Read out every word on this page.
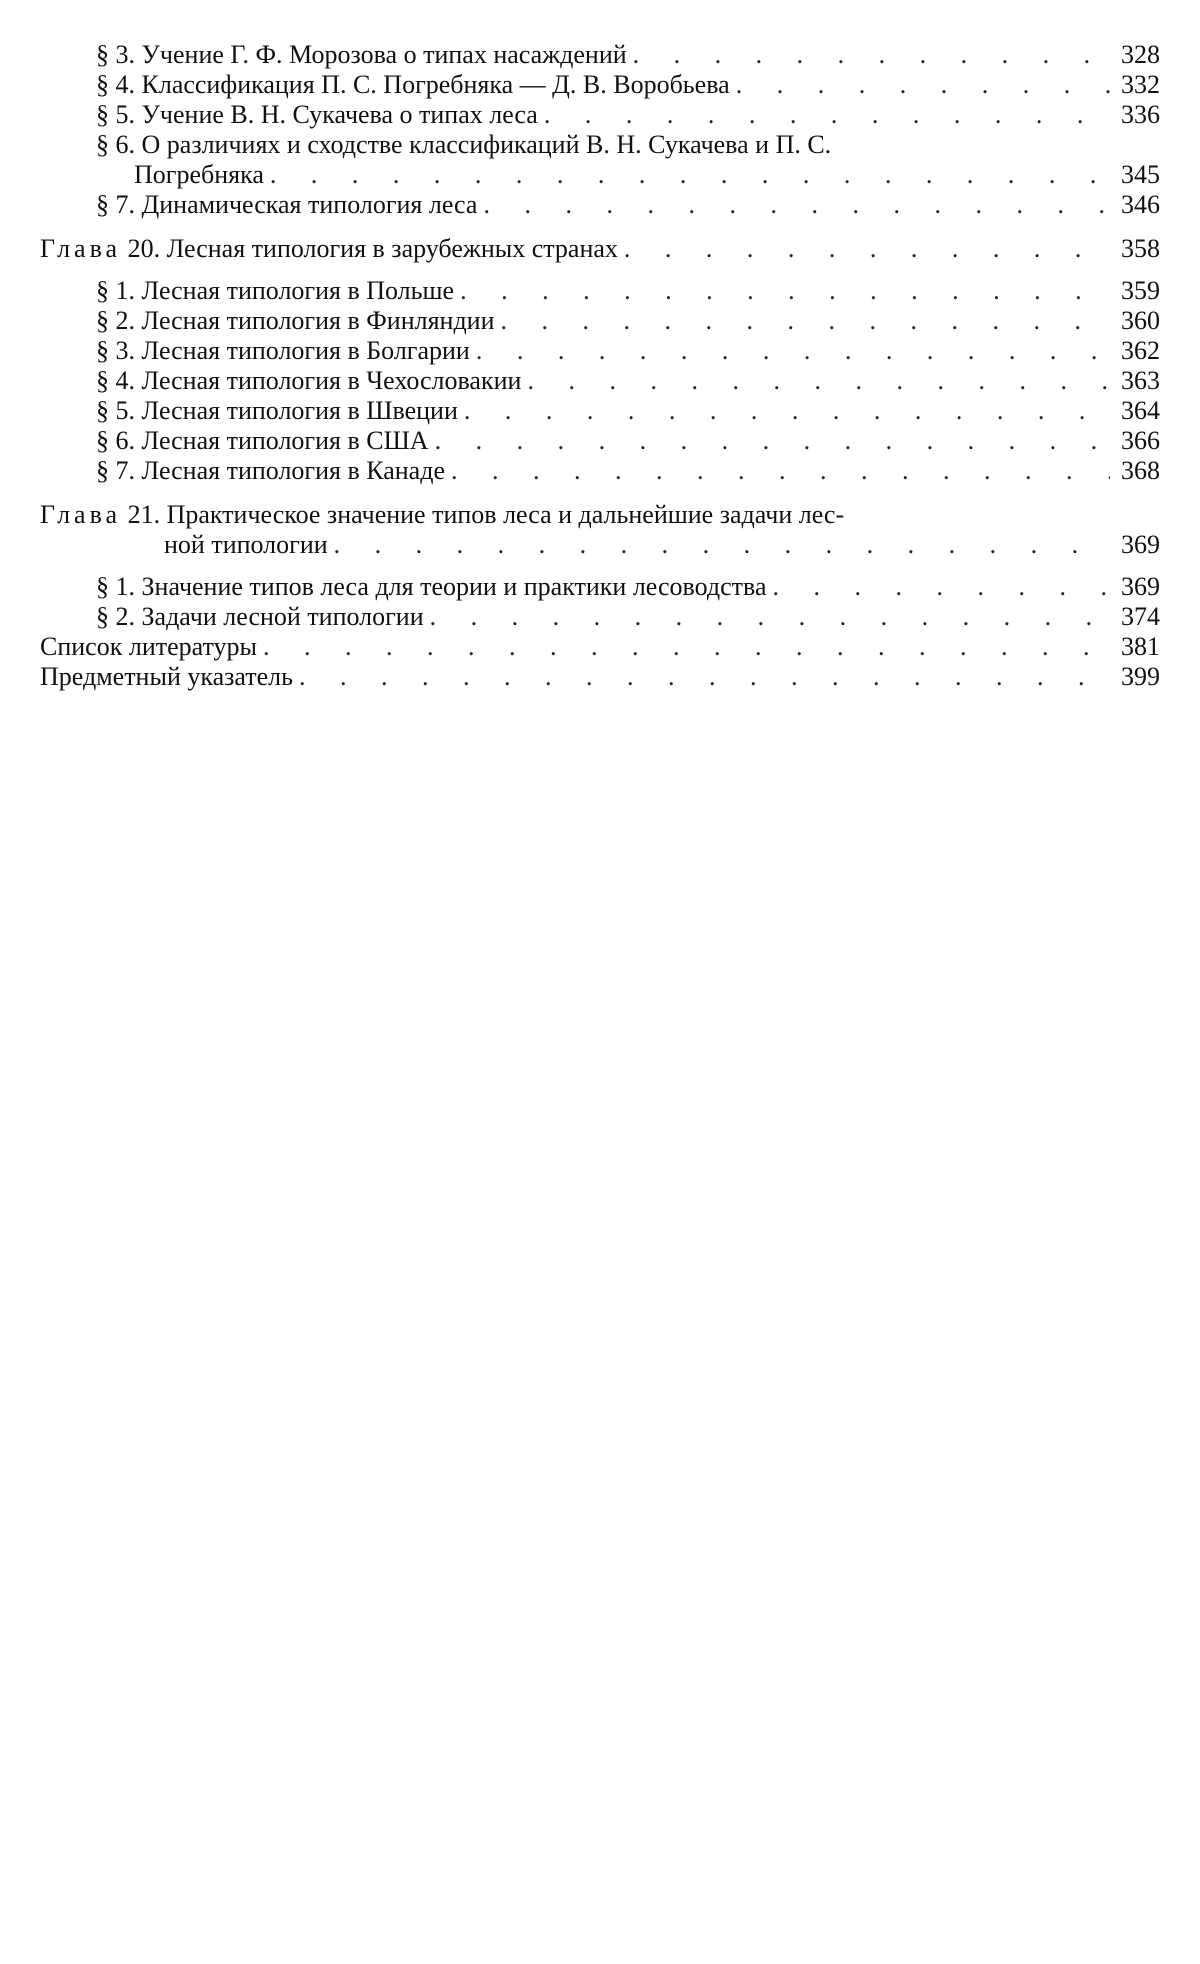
§ 3. Учение Г. Ф. Морозова о типах насаждений . . .	328
§ 4. Классификация П. С. Погребняка — Д. В. Воробьева . . .	332
§ 5. Учение В. Н. Сукачева о типах леса . . .	336
§ 6. О различиях и сходстве классификаций В. Н. Сукачева и П. С.
Погребняка . . .	345
§ 7. Динамическая типология леса . . .	346
Глава 20. Лесная типология в зарубежных странах . . .	358
§ 1. Лесная типология в Польше . . .	359
§ 2. Лесная типология в Финляндии . . .	360
§ 3. Лесная типология в Болгарии . . .	362
§ 4. Лесная типология в Чехословакии . . .	363
§ 5. Лесная типология в Швеции . . .	364
§ 6. Лесная типология в США . . .	366
§ 7. Лесная типология в Канаде . . .	368
Глава 21. Практическое значение типов леса и дальнейшие задачи лес-
ной типологии . . .	369
§ 1. Значение типов леса для теории и практики лесоводства . . .	369
§ 2. Задачи лесной типологии . . .	374
Список литературы . . .	381
Предметный указатель . . .	399
